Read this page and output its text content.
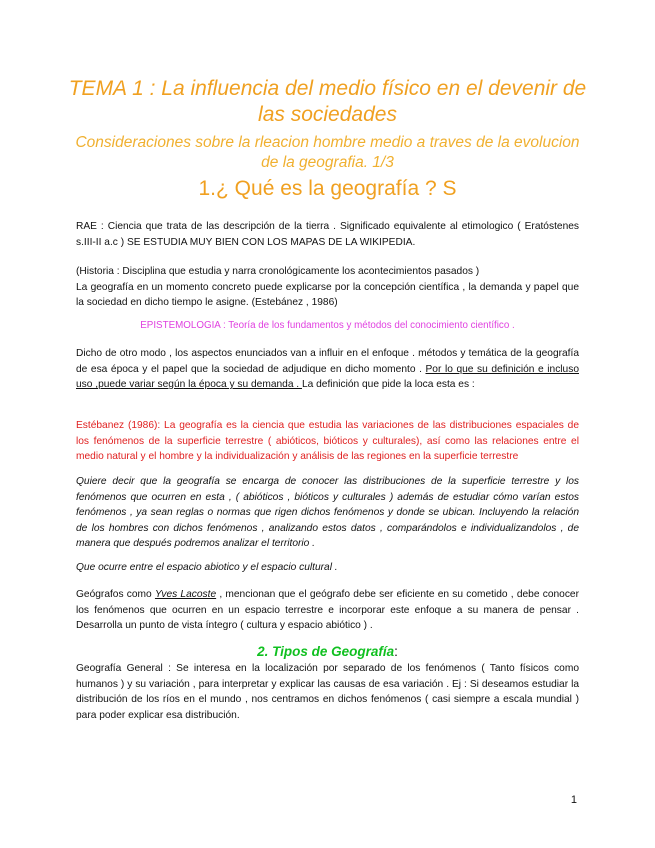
TEMA 1 : La influencia del medio físico en el devenir de las sociedades
Consideraciones sobre la rleacion hombre medio a traves de la evolucion de la geografia. 1/3
1.¿ Qué es la geografía ? S
RAE : Ciencia que trata de las descripción de la tierra . Significado equivalente al etimologico ( Eratóstenes s.III-II a.c ) SE ESTUDIA MUY BIEN CON LOS MAPAS DE LA WIKIPEDIA.
(Historia : Disciplina que estudia y narra cronológicamente los acontecimientos pasados )
La geografía en un momento concreto puede explicarse por la concepción científica , la demanda y papel que la sociedad en dicho tiempo le asigne. (Estebánez , 1986)
EPISTEMOLOGIA : Teoría de los fundamentos y métodos del conocimiento científico .
Dicho de otro modo , los aspectos enunciados van a influir en el enfoque . métodos y temática de la geografía de esa época y el papel que la sociedad de adjudique en dicho momento . Por lo que su definición e incluso uso ,puede variar según la época y su demanda . La definición que pide la loca esta es :
Estébanez (1986): La geografía es la ciencia que estudia las variaciones de las distribuciones espaciales de los fenómenos de la superficie terrestre ( abióticos, bióticos y culturales), así como las relaciones entre el medio natural y el hombre y la individualización y análisis de las regiones en la superficie terrestre
Quiere decir que la geografía se encarga de conocer las distribuciones de la superficie terrestre y los fenómenos que ocurren en esta , ( abióticos , bióticos y culturales ) además de estudiar cómo varían estos fenómenos , ya sean reglas o normas que rigen dichos fenómenos y donde se ubican. Incluyendo la relación de los hombres con dichos fenómenos , analizando estos datos , comparándolos e individualizandolos , de manera que después podremos analizar el territorio .
Que ocurre entre el espacio abiotico y el espacio cultural .
Geógrafos como Yves Lacoste , mencionan que el geógrafo debe ser eficiente en su cometido , debe conocer los fenómenos que ocurren en un espacio terrestre e incorporar este enfoque a su manera de pensar . Desarrolla un punto de vista íntegro ( cultura y espacio abiótico ) .
2. Tipos de Geografía:
Geografía General : Se interesa en la localización por separado de los fenómenos ( Tanto físicos como humanos ) y su variación , para interpretar y explicar las causas de esa variación . Ej : Si deseamos estudiar la distribución de los ríos en el mundo , nos centramos en dichos fenómenos ( casi siempre a escala mundial ) para poder explicar esa distribución.
1
